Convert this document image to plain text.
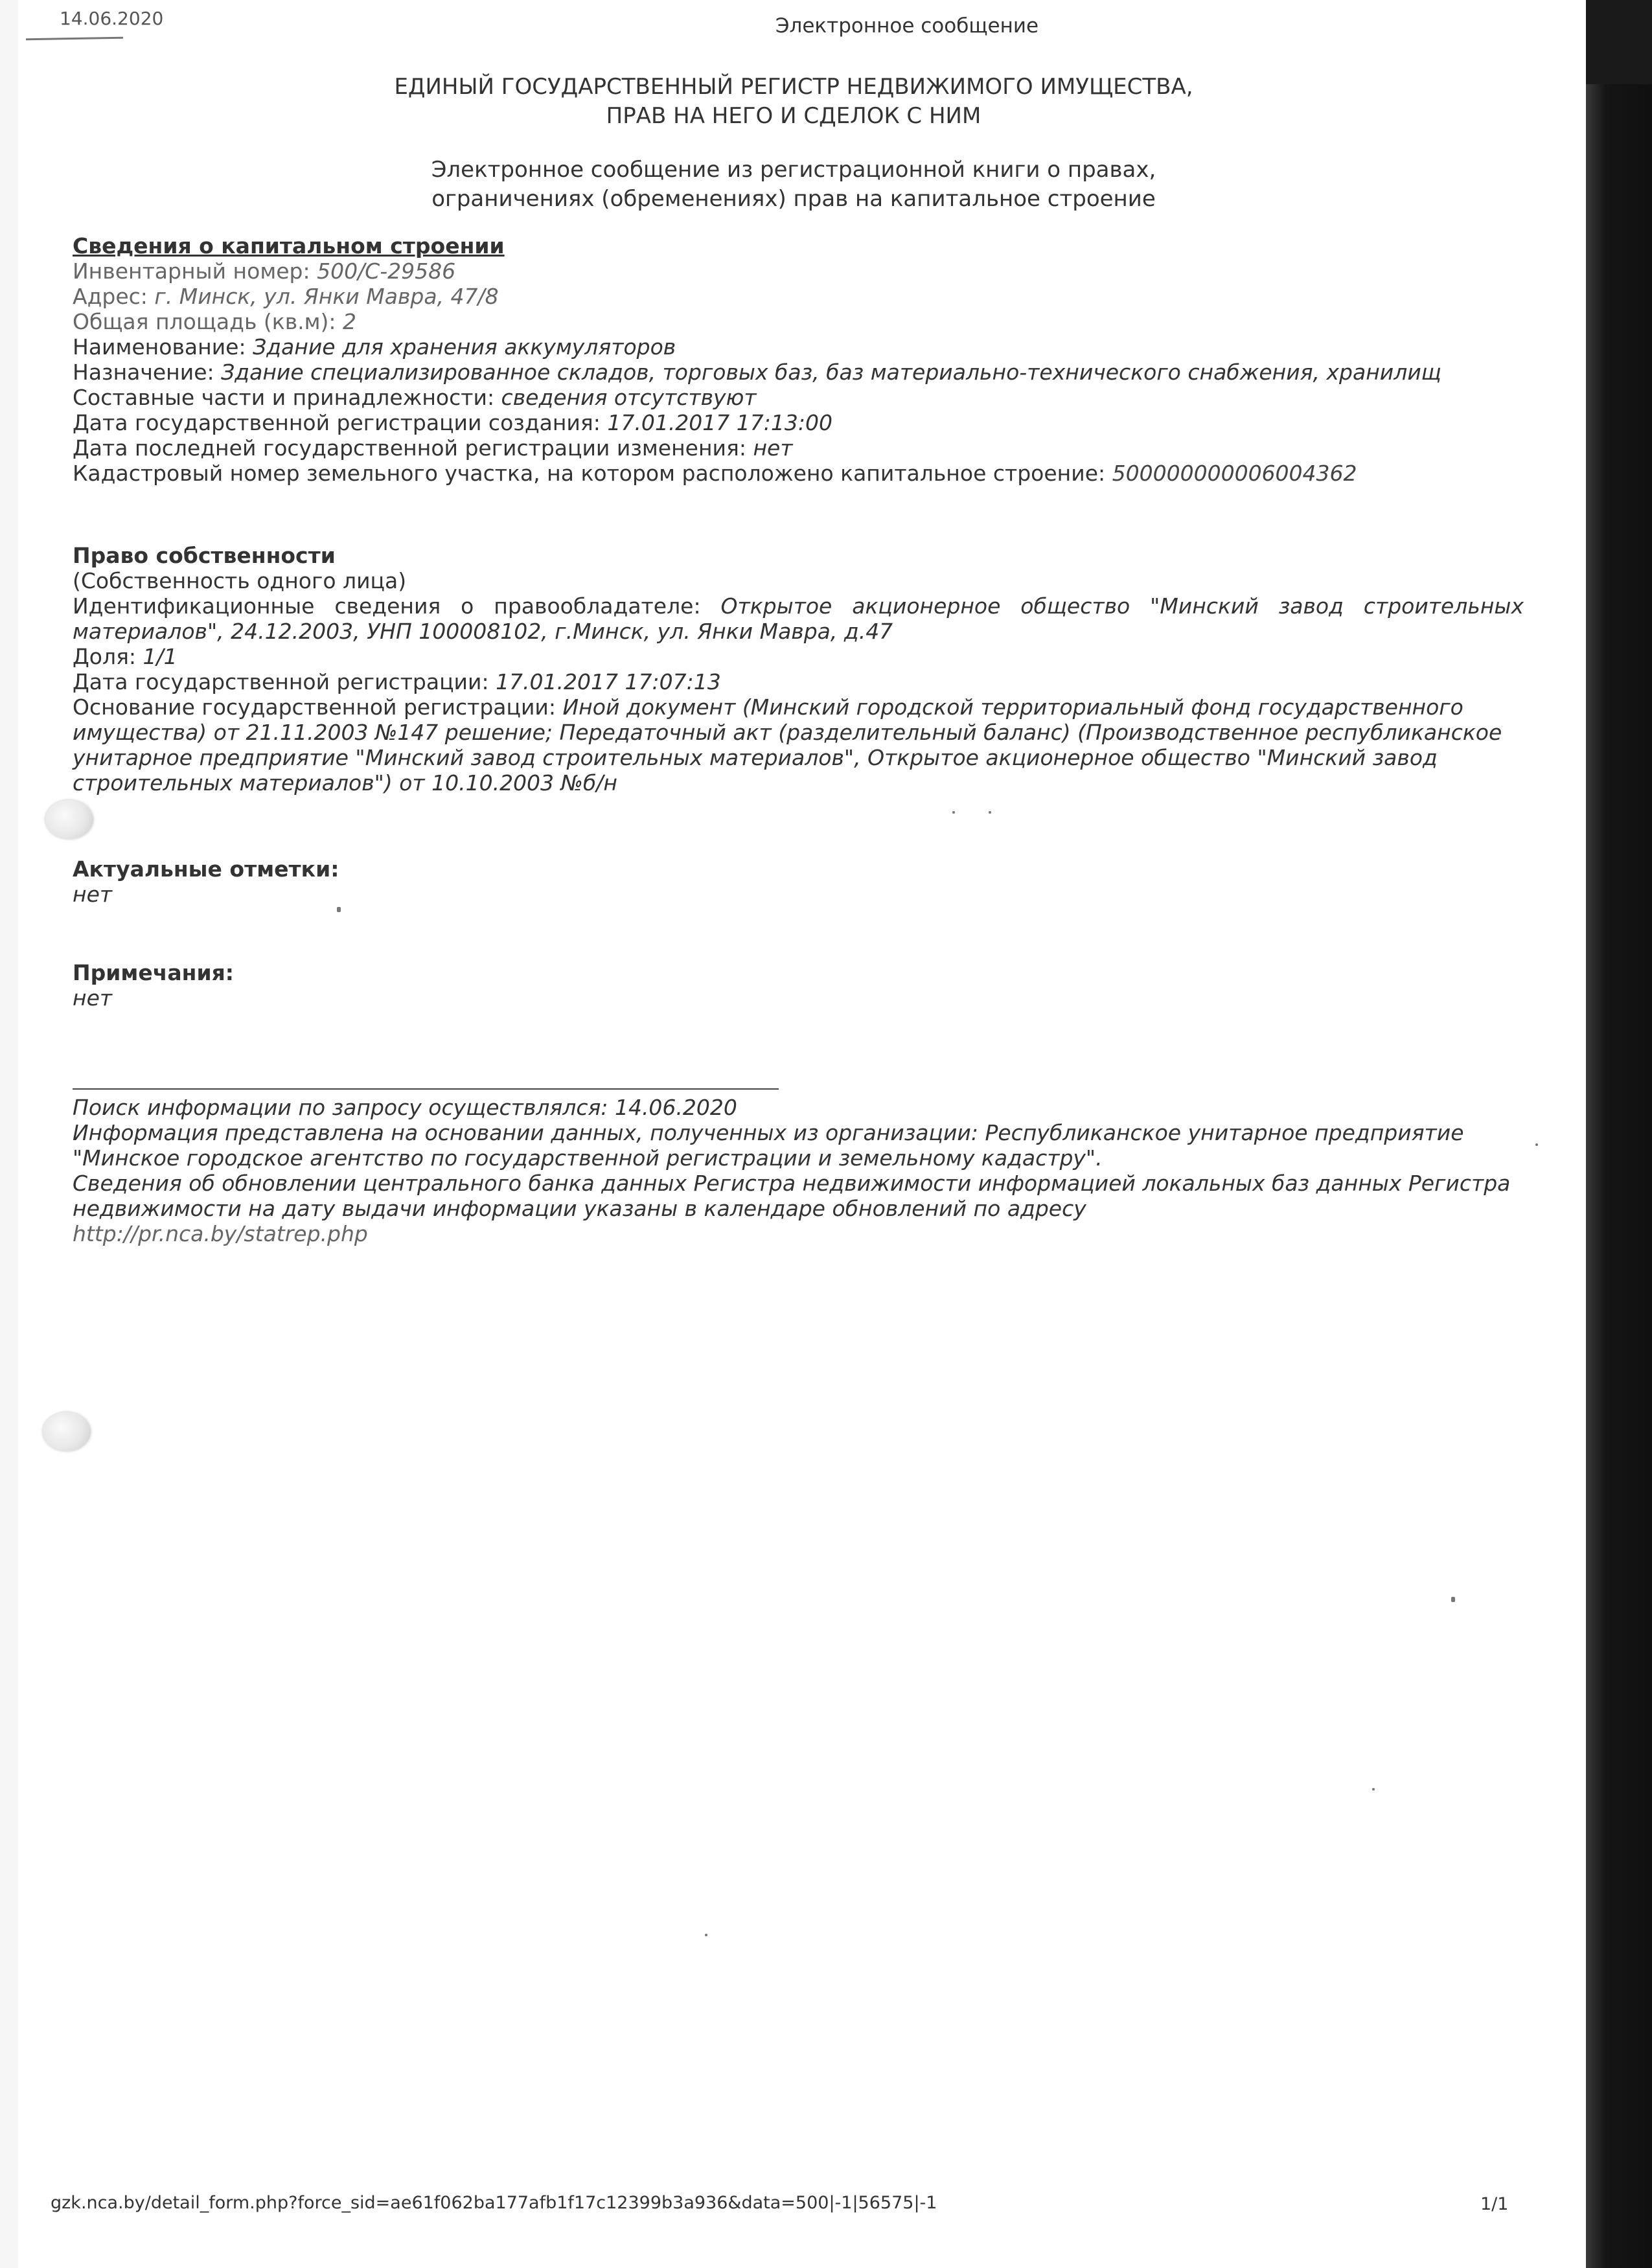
14.06.2020	Электронное сообщение
ЕДИНЫЙ ГОСУДАРСТВЕННЫЙ РЕГИСТР НЕДВИЖИМОГО ИМУЩЕСТВА,
ПРАВ НА НЕГО И СДЕЛОК С НИМ
Электронное сообщение из регистрационной книги о правах,
ограничениях (обременениях) прав на капитальное строение
Сведения о капитальном строении
Инвентарный номер: 500/C-29586
Адрес: г. Минск, ул. Янки Мавра, 47/8
Общая площадь (кв.м): 2
Наименование: Здание для хранения аккумуляторов
Назначение: Здание специализированное складов, торговых баз, баз материально-технического снабжения, хранилищ
Составные части и принадлежности: сведения отсутствуют
Дата государственной регистрации создания: 17.01.2017 17:13:00
Дата последней государственной регистрации изменения: нет
Кадастровый номер земельного участка, на котором расположено капитальное строение: 500000000006004362
Право собственности
(Собственность одного лица)
Идентификационные сведения о правообладателе: Открытое акционерное общество "Минский завод строительных материалов", 24.12.2003, УНП 100008102, г.Минск, ул. Янки Мавра, д.47
Доля: 1/1
Дата государственной регистрации: 17.01.2017 17:07:13
Основание государственной регистрации: Иной документ (Минский городской территориальный фонд государственного имущества) от 21.11.2003 №147 решение; Передаточный акт (разделительный баланс) (Производственное республиканское унитарное предприятие "Минский завод строительных материалов", Открытое акционерное общество "Минский завод строительных материалов") от 10.10.2003 №б/н
Актуальные отметки:
нет
Примечания:
нет
Поиск информации по запросу осуществлялся: 14.06.2020
Информация представлена на основании данных, полученных из организации: Республиканское унитарное предприятие "Минское городское агентство по государственной регистрации и земельному кадастру".
Сведения об обновлении центрального банка данных Регистра недвижимости информацией локальных баз данных Регистра недвижимости на дату выдачи информации указаны в календаре обновлений по адресу
http://pr.nca.by/statrep.php
gzk.nca.by/detail_form.php?force_sid=ae61f062ba177afb1f17c12399b3a936&data=500|-1|56575|-1	1/1
